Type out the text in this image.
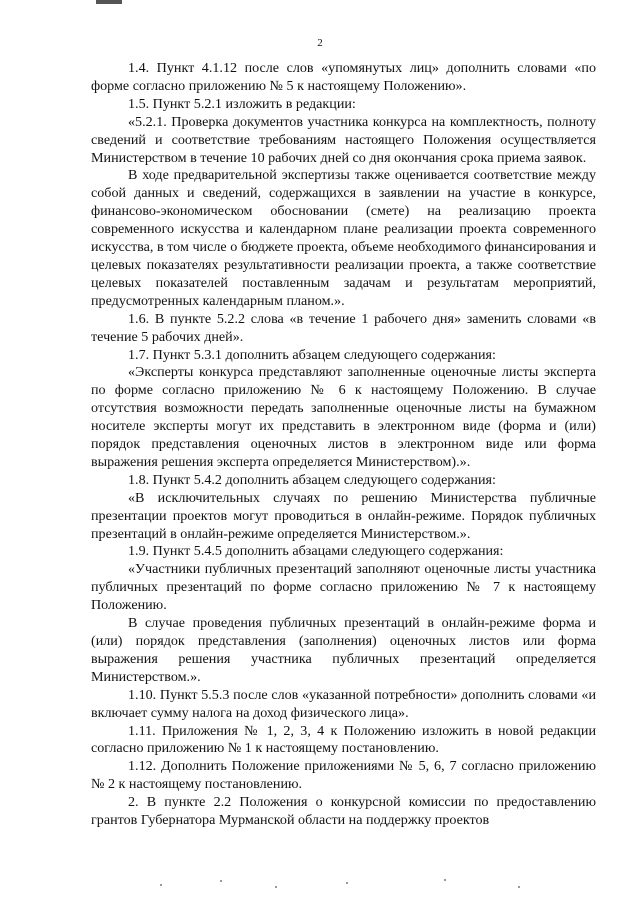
2

1.4. Пункт 4.1.12 после слов «упомянутых лиц» дополнить словами «по форме согласно приложению № 5 к настоящему Положению».

1.5. Пункт 5.2.1 изложить в редакции:

«5.2.1. Проверка документов участника конкурса на комплектность, полноту сведений и соответствие требованиям настоящего Положения осуществляется Министерством в течение 10 рабочих дней со дня окончания срока приема заявок.

В ходе предварительной экспертизы также оценивается соответствие между собой данных и сведений, содержащихся в заявлении на участие в конкурсе, финансово-экономическом обосновании (смете) на реализацию проекта современного искусства и календарном плане реализации проекта современного искусства, в том числе о бюджете проекта, объеме необходимого финансирования и целевых показателях результативности реализации проекта, а также соответствие целевых показателей поставленным задачам и результатам мероприятий, предусмотренных календарным планом.».

1.6. В пункте 5.2.2 слова «в течение 1 рабочего дня» заменить словами «в течение 5 рабочих дней».

1.7. Пункт 5.3.1 дополнить абзацем следующего содержания:

«Эксперты конкурса представляют заполненные оценочные листы эксперта по форме согласно приложению № 6 к настоящему Положению. В случае отсутствия возможности передать заполненные оценочные листы на бумажном носителе эксперты могут их представить в электронном виде (форма и (или) порядок представления оценочных листов в электронном виде или форма выражения решения эксперта определяется Министерством).».

1.8. Пункт 5.4.2 дополнить абзацем следующего содержания:

«В исключительных случаях по решению Министерства публичные презентации проектов могут проводиться в онлайн-режиме. Порядок публичных презентаций в онлайн-режиме определяется Министерством.».

1.9. Пункт 5.4.5 дополнить абзацами следующего содержания:

«Участники публичных презентаций заполняют оценочные листы участника публичных презентаций по форме согласно приложению № 7 к настоящему Положению.

В случае проведения публичных презентаций в онлайн-режиме форма и (или) порядок представления (заполнения) оценочных листов или форма выражения решения участника публичных презентаций определяется Министерством.».

1.10. Пункт 5.5.3 после слов «указанной потребности» дополнить словами «и включает сумму налога на доход физического лица».

1.11. Приложения № 1, 2, 3, 4 к Положению изложить в новой редакции согласно приложению № 1 к настоящему постановлению.

1.12. Дополнить Положение приложениями № 5, 6, 7 согласно приложению № 2 к настоящему постановлению.

2. В пункте 2.2 Положения о конкурсной комиссии по предоставлению грантов Губернатора Мурманской области на поддержку проектов
